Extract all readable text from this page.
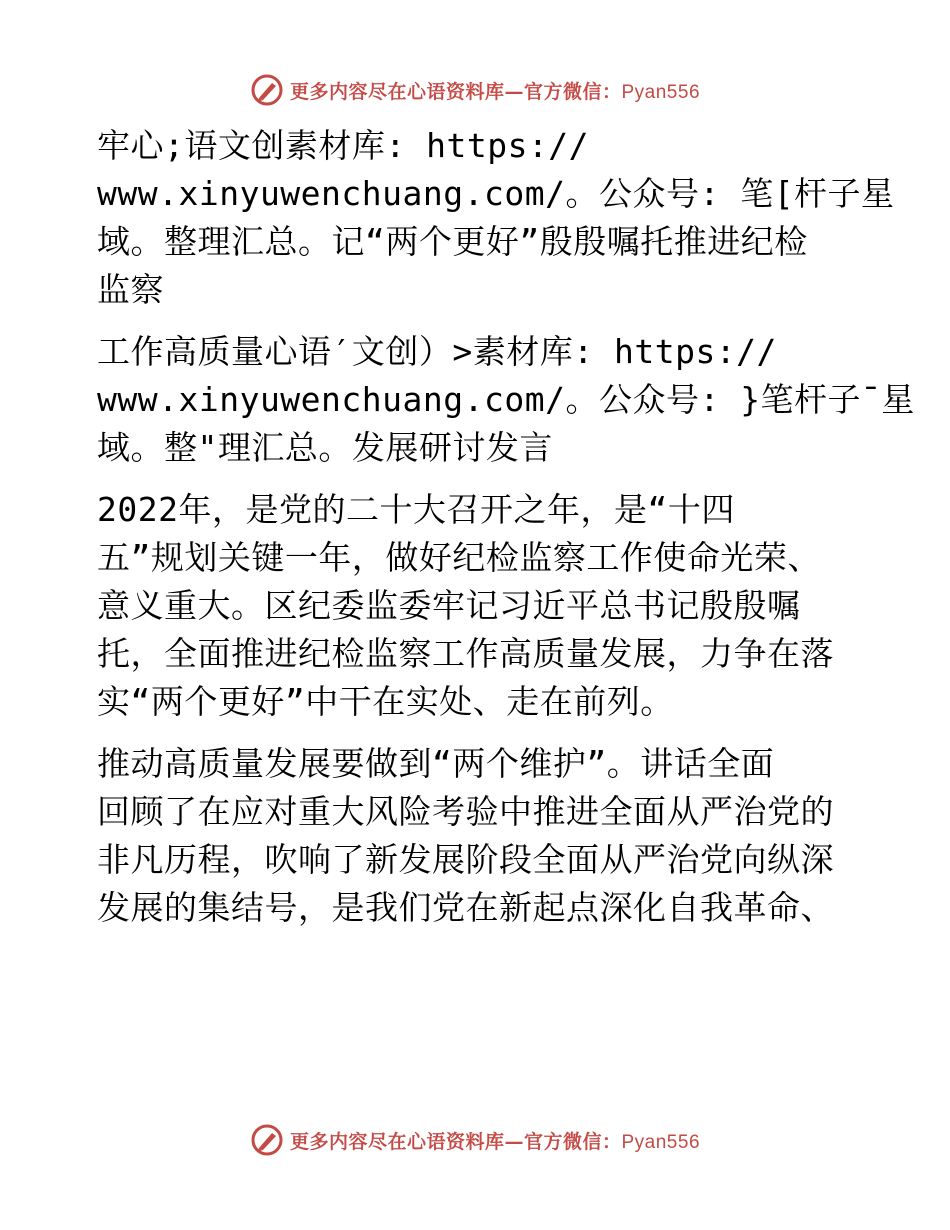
更多内容尽在心语资料库—官方微信：Pyan556
牢心;语文创素材库: https://
www.xinyuwenchuang.com/。公众号: 笔[杆子星
域。整理汇总。记“两个更好”殷殷嘱托推进纪检
监察
工作高质量心语′文创）>素材库: https://
www.xinyuwenchuang.com/。公众号: }笔杆子¯星
域。整"理汇总。发展研讨发言
2022年，是党的二十大召开之年，是“十四
五”规划关键一年，做好纪检监察工作使命光荣、
意义重大。区纪委监委牢记习近平总书记殷殷嘱
托，全面推进纪检监察工作高质量发展，力争在落
实“两个更好”中干在实处、走在前列。
推动高质量发展要做到“两个维护”。讲话全面
回顾了在应对重大风险考验中推进全面从严治党的
非凡历程，吹响了新发展阶段全面从严治党向纵深
发展的集结号，是我们党在新起点深化自我革命、
更多内容尽在心语资料库—官方微信：Pyan556
